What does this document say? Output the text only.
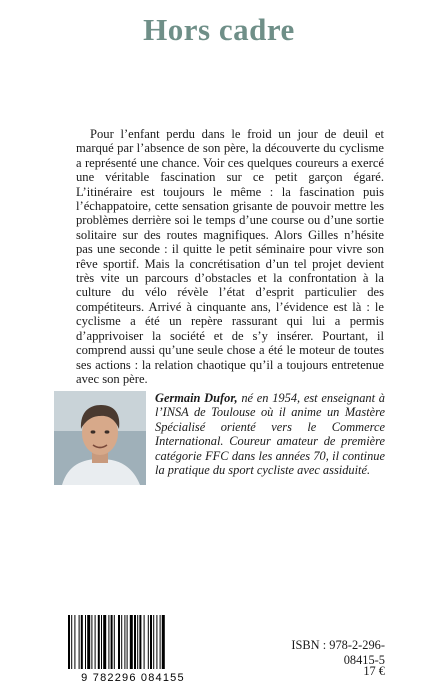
Hors cadre

Pour l’enfant perdu dans le froid un jour de deuil et marqué par l’absence de son père, la découverte du cyclisme a représenté une chance. Voir ces quelques coureurs a exercé une véritable fascination sur ce petit garçon égaré. L’itinéraire est toujours le même : la fascination puis l’échappatoire, cette sensation grisante de pouvoir mettre les problèmes derrière soi le temps d’une course ou d’une sortie solitaire sur des routes magnifiques. Alors Gilles n’hésite pas une seconde : il quitte le petit séminaire pour vivre son rêve sportif. Mais la concrétisation d’un tel projet devient très vite un parcours d’obstacles et la confrontation à la culture du vélo révèle l’état d’esprit particulier des compétiteurs. Arrivé à cinquante ans, l’évidence est là : le cyclisme a été un repère rassurant qui lui a permis d’apprivoiser la société et de s’y insérer. Pourtant, il comprend aussi qu’une seule chose a été le moteur de toutes ses actions : la relation chaotique qu’il a toujours entretenue avec son père.

Germain Dufor, né en 1954, est enseignant à l’INSA de Toulouse où il anime un Mastère Spécialisé orienté vers le Commerce International. Coureur amateur de première catégorie FFC dans les années 70, il continue la pratique du sport cycliste avec assiduité.

9 782296 084155
ISBN : 978-2-296-08415-5
17 €
